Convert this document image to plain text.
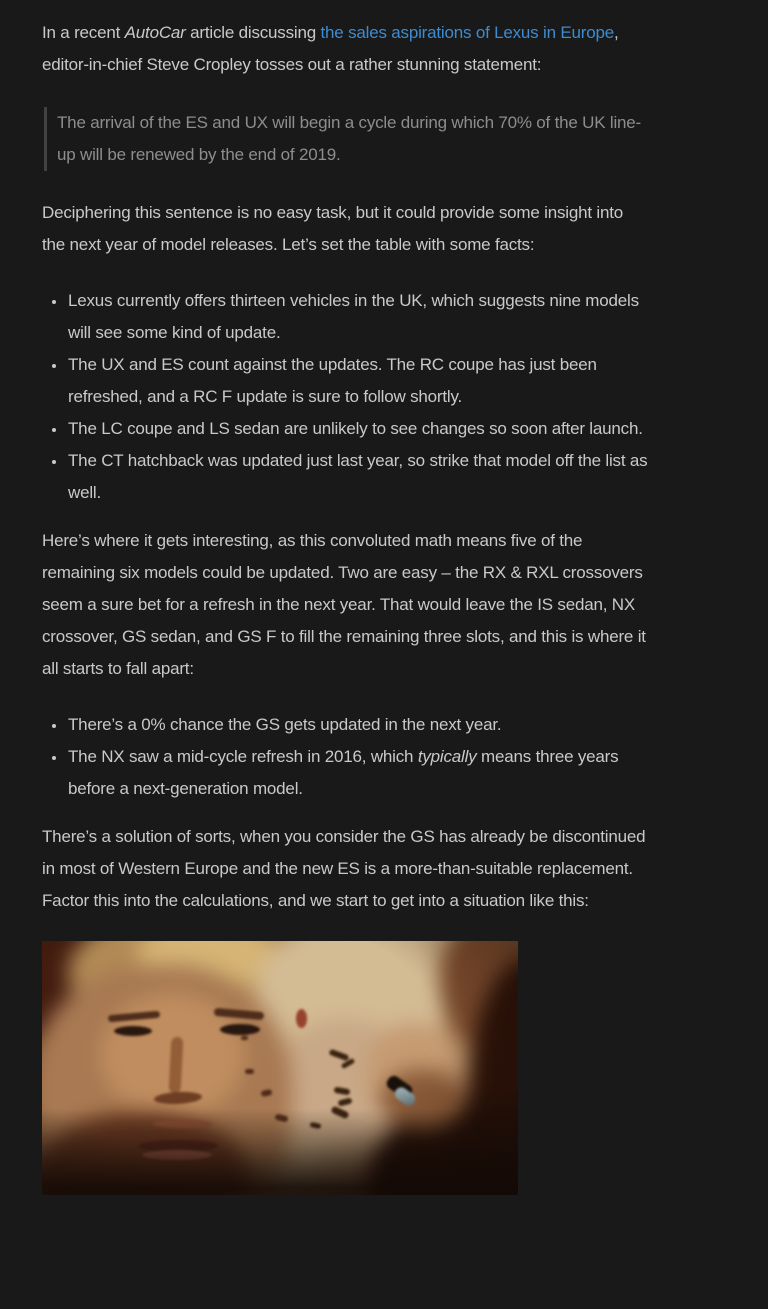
In a recent AutoCar article discussing the sales aspirations of Lexus in Europe, editor-in-chief Steve Cropley tosses out a rather stunning statement:

The arrival of the ES and UX will begin a cycle during which 70% of the UK line-up will be renewed by the end of 2019.

Deciphering this sentence is no easy task, but it could provide some insight into the next year of model releases. Let’s set the table with some facts:

• Lexus currently offers thirteen vehicles in the UK, which suggests nine models will see some kind of update.
• The UX and ES count against the updates. The RC coupe has just been refreshed, and a RC F update is sure to follow shortly.
• The LC coupe and LS sedan are unlikely to see changes so soon after launch.
• The CT hatchback was updated just last year, so strike that model off the list as well.

Here’s where it gets interesting, as this convoluted math means five of the remaining six models could be updated. Two are easy – the RX & RXL crossovers seem a sure bet for a refresh in the next year. That would leave the IS sedan, NX crossover, GS sedan, and GS F to fill the remaining three slots, and this is where it all starts to fall apart:

• There’s a 0% chance the GS gets updated in the next year.
• The NX saw a mid-cycle refresh in 2016, which typically means three years before a next-generation model.

There’s a solution of sorts, when you consider the GS has already be discontinued in most of Western Europe and the new ES is a more-than-suitable replacement. Factor this into the calculations, and we start to get into a situation like this:
